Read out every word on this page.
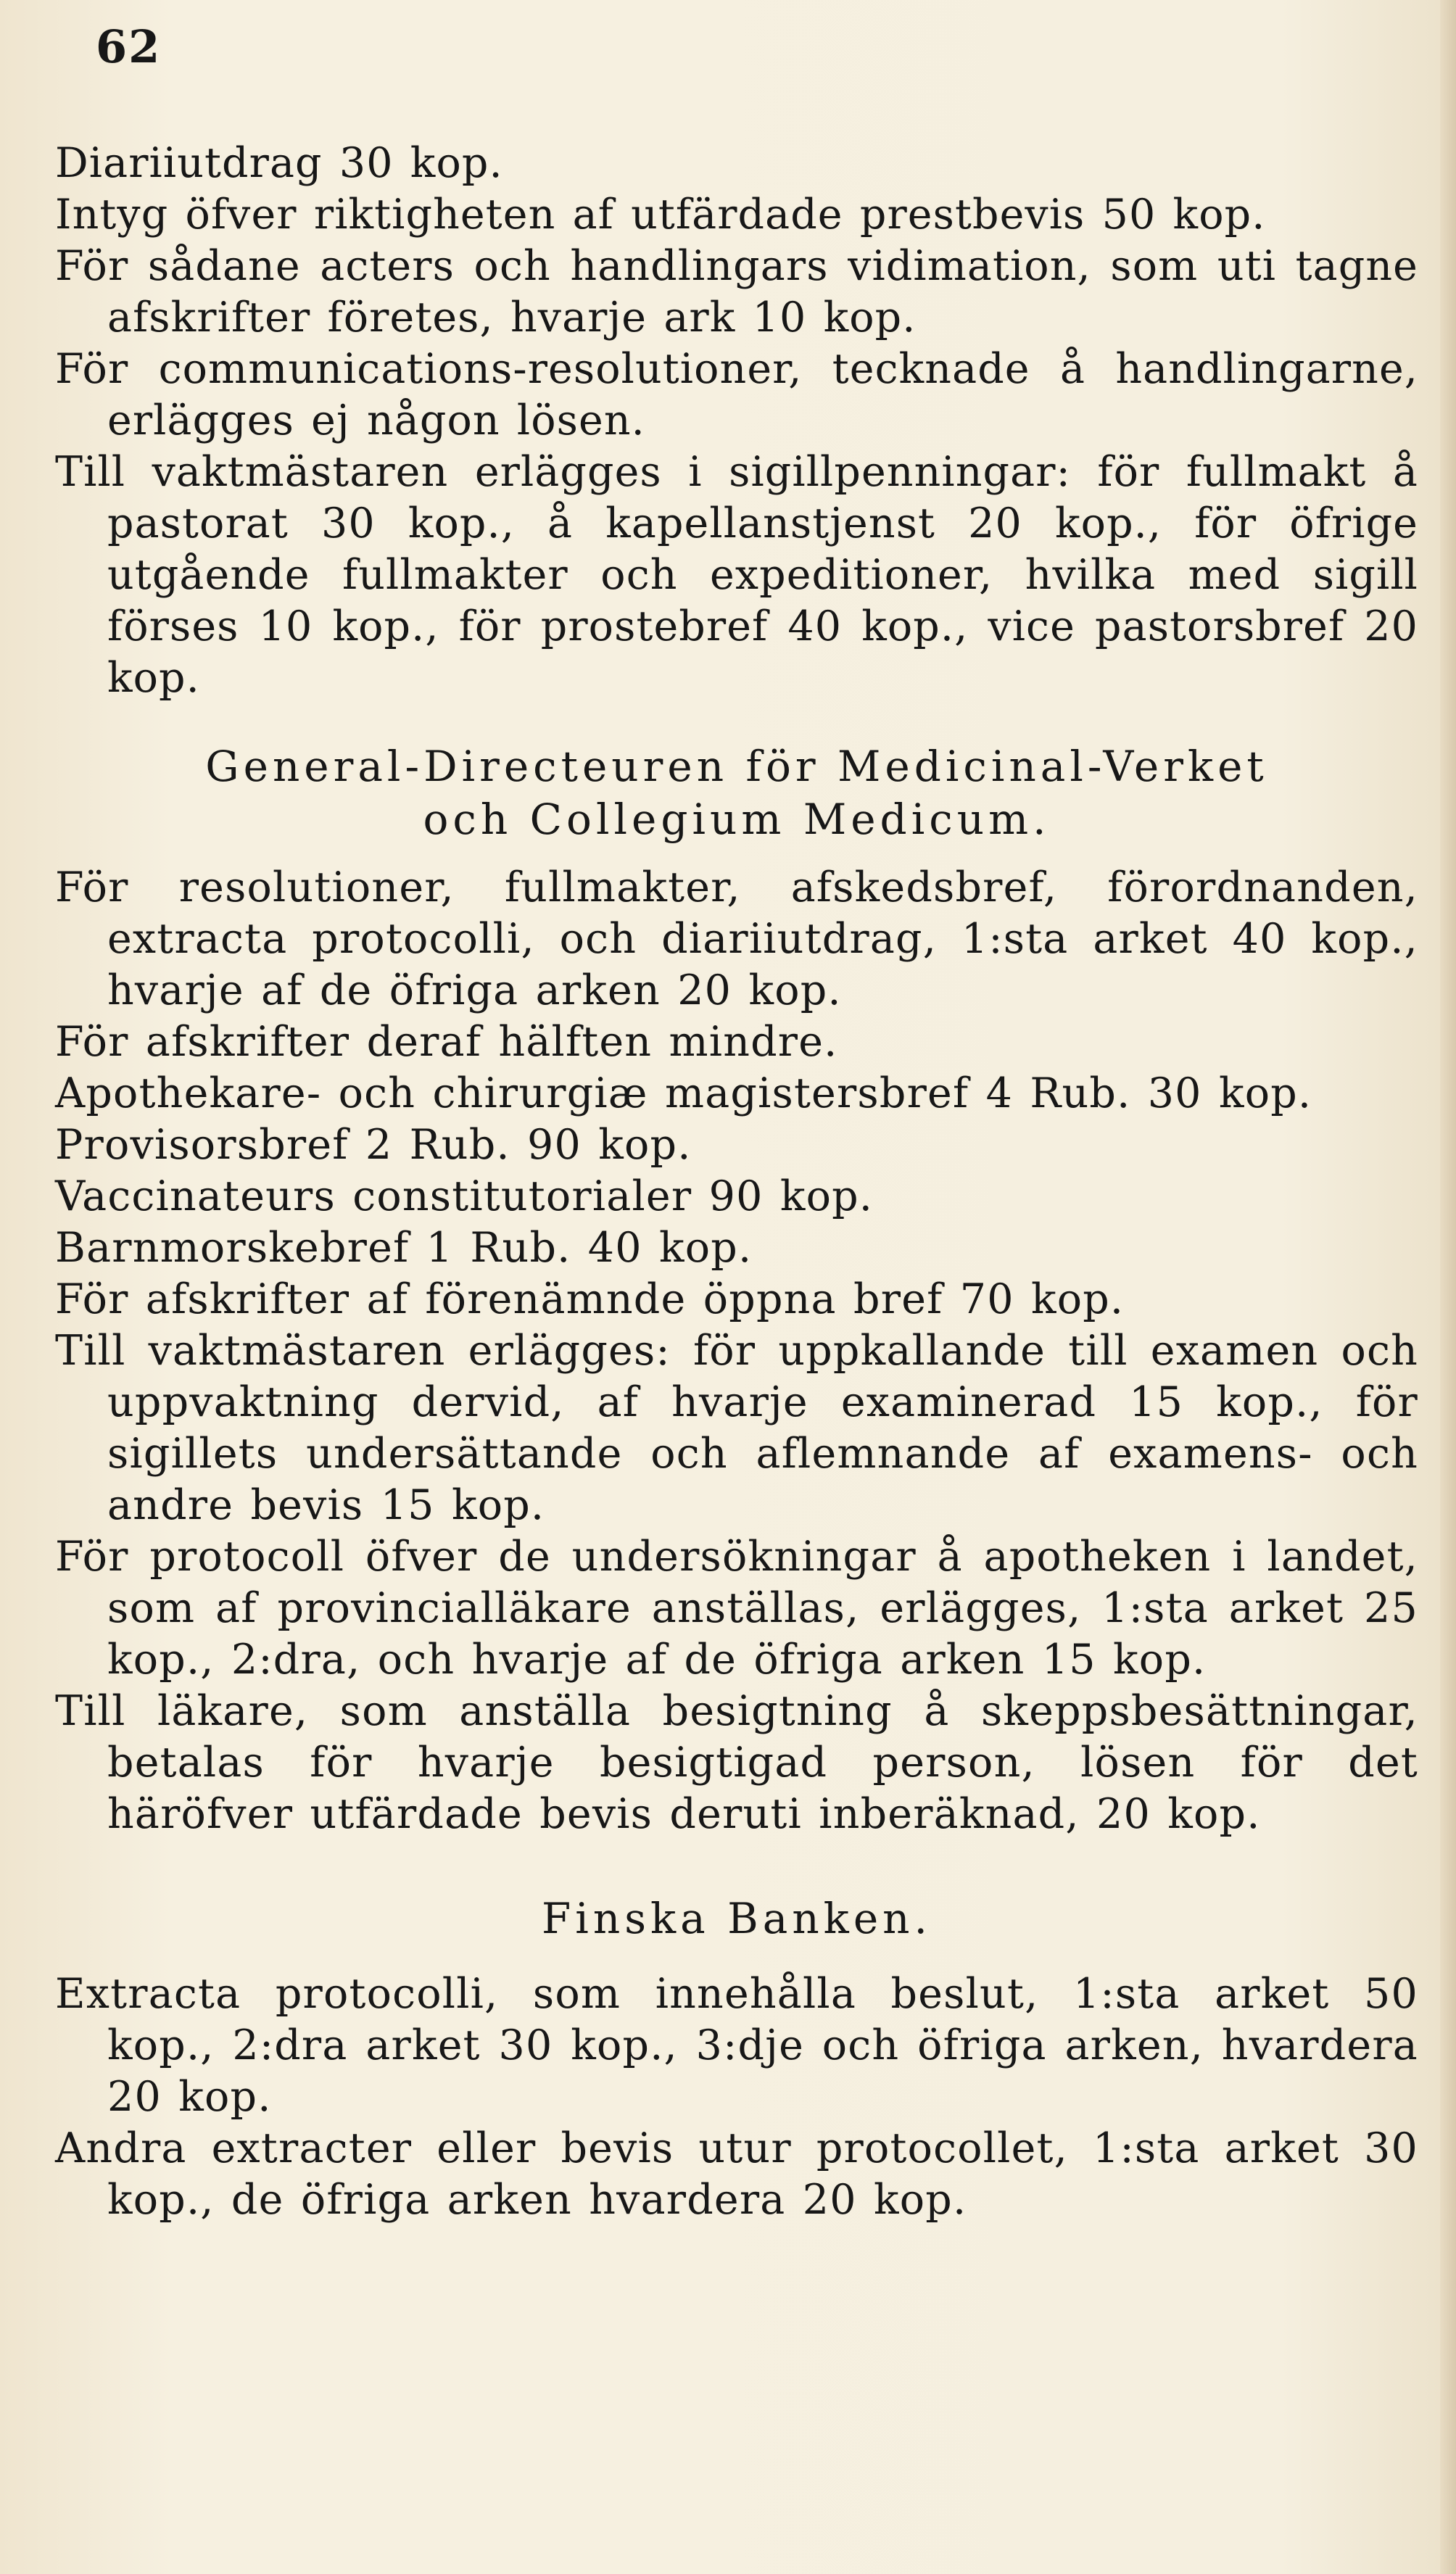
62

Diariiutdrag 30 kop.

Intyg öfver riktigheten af utfärdade prestbevis 50 kop.

För sådane acters och handlingars vidimation, som uti tagne afskrifter företes, hvarje ark 10 kop.

För communications-resolutioner, tecknade å handlingarne, erlägges ej någon lösen.

Till vaktmästaren erlägges i sigillpenningar: för fullmakt å pastorat 30 kop., å kapellanstjenst 20 kop., för öfrige utgående fullmakter och expeditioner, hvilka med sigill förses 10 kop., för prostebref 40 kop., vice pastorsbref 20 kop.

General-Directeuren för Medicinal-Verket
och Collegium Medicum.

För resolutioner, fullmakter, afskedsbref, förordnanden, extracta protocolli, och diariiutdrag, 1:sta arket 40 kop., hvarje af de öfriga arken 20 kop.

För afskrifter deraf hälften mindre.

Apothekare- och chirurgiæ magistersbref 4 Rub. 30 kop.

Provisorsbref 2 Rub. 90 kop.

Vaccinateurs constitutorialer 90 kop.

Barnmorskebref 1 Rub. 40 kop.

För afskrifter af förenämnde öppna bref 70 kop.

Till vaktmästaren erlägges: för uppkallande till examen och uppvaktning dervid, af hvarje examinerad 15 kop., för sigillets undersättande och aflemnande af examens- och andre bevis 15 kop.

För protocoll öfver de undersökningar å apotheken i landet, som af provincialläkare anställas, erlägges, 1:sta arket 25 kop., 2:dra, och hvarje af de öfriga arken 15 kop.

Till läkare, som anställa besigtning å skeppsbesättningar, betalas för hvarje besigtigad person, lösen för det häröfver utfärdade bevis deruti inberäknad, 20 kop.

Finska Banken.

Extracta protocolli, som innehålla beslut, 1:sta arket 50 kop., 2:dra arket 30 kop., 3:dje och öfriga arken, hvardera 20 kop.

Andra extracter eller bevis utur protocollet, 1:sta arket 30 kop., de öfriga arken hvardera 20 kop.
